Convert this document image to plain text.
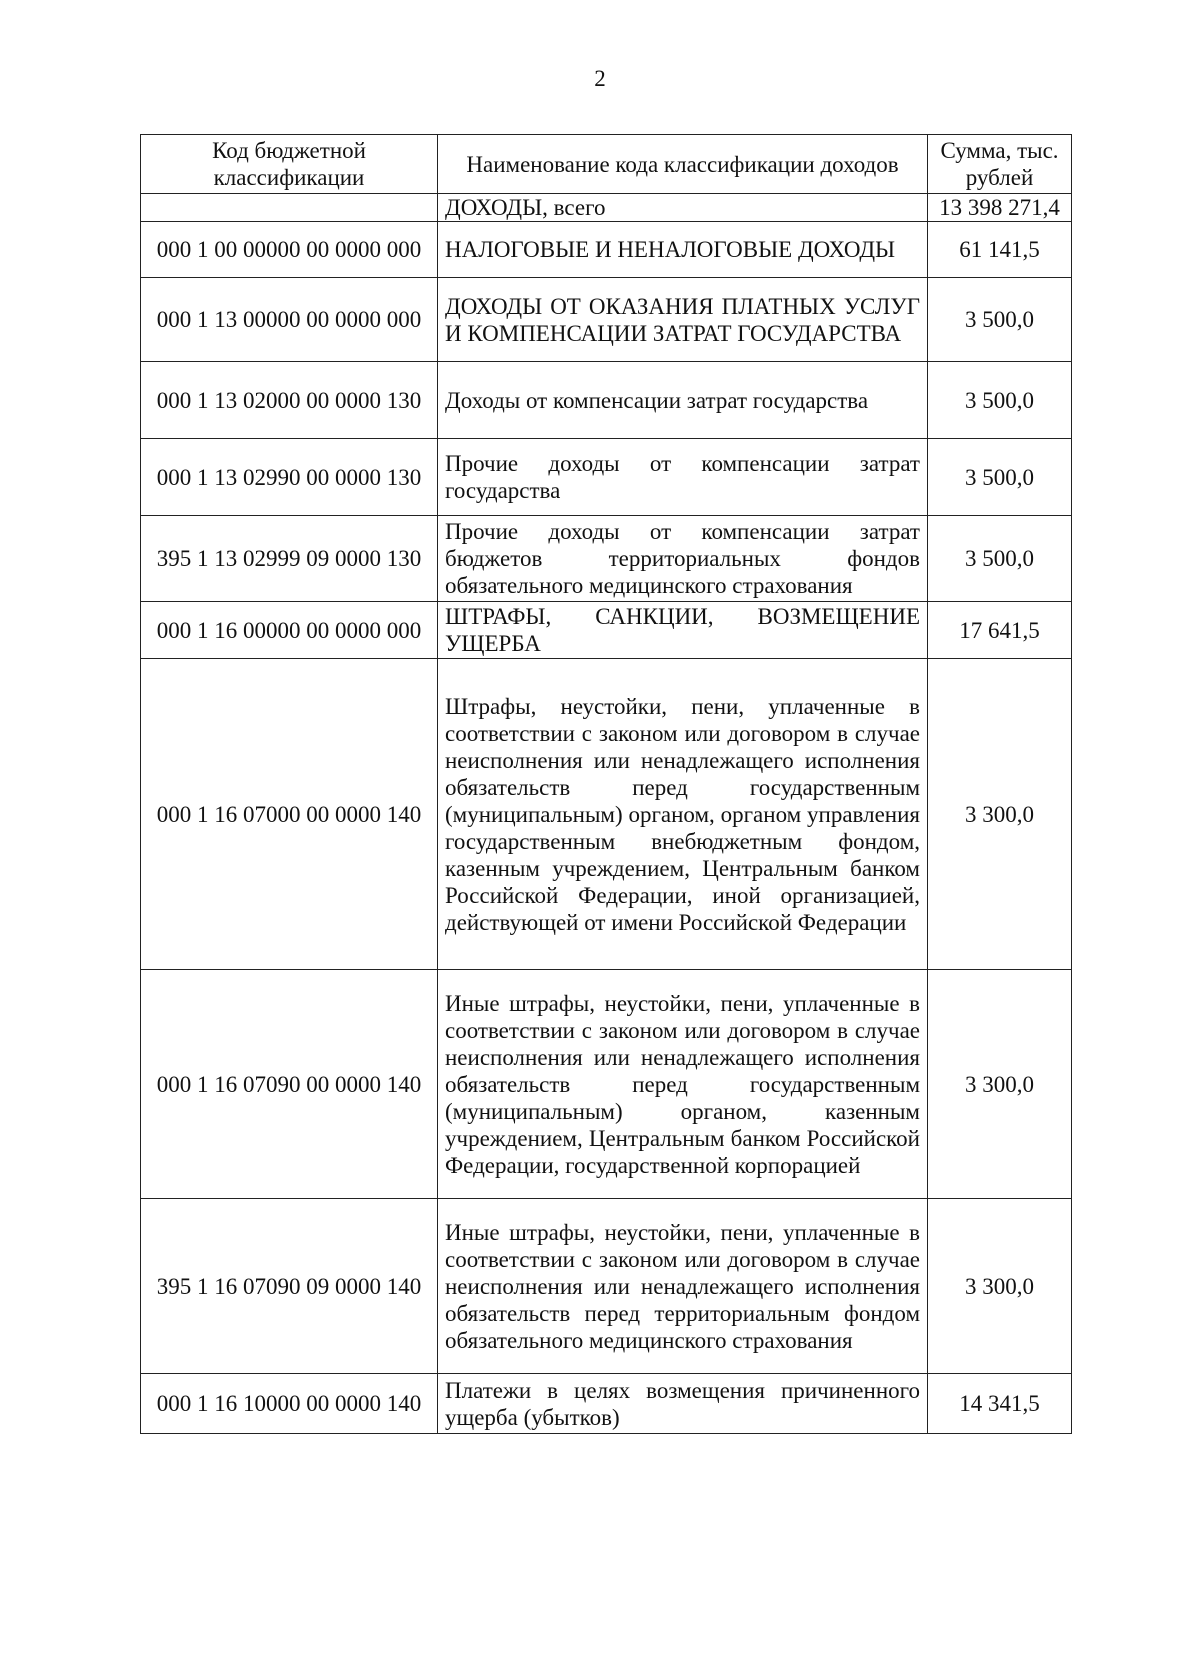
2
Код бюджетной классификации	Наименование кода классификации доходов	Сумма, тыс. рублей
	ДОХОДЫ, всего	13 398 271,4
000 1 00 00000 00 0000 000	НАЛОГОВЫЕ И НЕНАЛОГОВЫЕ ДОХОДЫ	61 141,5
000 1 13 00000 00 0000 000	ДОХОДЫ ОТ ОКАЗАНИЯ ПЛАТНЫХ УСЛУГ И КОМПЕНСАЦИИ ЗАТРАТ ГОСУДАРСТВА	3 500,0
000 1 13 02000 00 0000 130	Доходы от компенсации затрат государства	3 500,0
000 1 13 02990 00 0000 130	Прочие доходы от компенсации затрат государства	3 500,0
395 1 13 02999 09 0000 130	Прочие доходы от компенсации затрат бюджетов территориальных фондов обязательного медицинского страхования	3 500,0
000 1 16 00000 00 0000 000	ШТРАФЫ, САНКЦИИ, ВОЗМЕЩЕНИЕ УЩЕРБА	17 641,5
000 1 16 07000 00 0000 140	Штрафы, неустойки, пени, уплаченные в соответствии с законом или договором в случае неисполнения или ненадлежащего исполнения обязательств перед государственным (муниципальным) органом, органом управления государственным внебюджетным фондом, казенным учреждением, Центральным банком Российской Федерации, иной организацией, действующей от имени Российской Федерации	3 300,0
000 1 16 07090 00 0000 140	Иные штрафы, неустойки, пени, уплаченные в соответствии с законом или договором в случае неисполнения или ненадлежащего исполнения обязательств перед государственным (муниципальным) органом, казенным учреждением, Центральным банком Российской Федерации, государственной корпорацией	3 300,0
395 1 16 07090 09 0000 140	Иные штрафы, неустойки, пени, уплаченные в соответствии с законом или договором в случае неисполнения или ненадлежащего исполнения обязательств перед территориальным фондом обязательного медицинского страхования	3 300,0
000 1 16 10000 00 0000 140	Платежи в целях возмещения причиненного ущерба (убытков)	14 341,5
